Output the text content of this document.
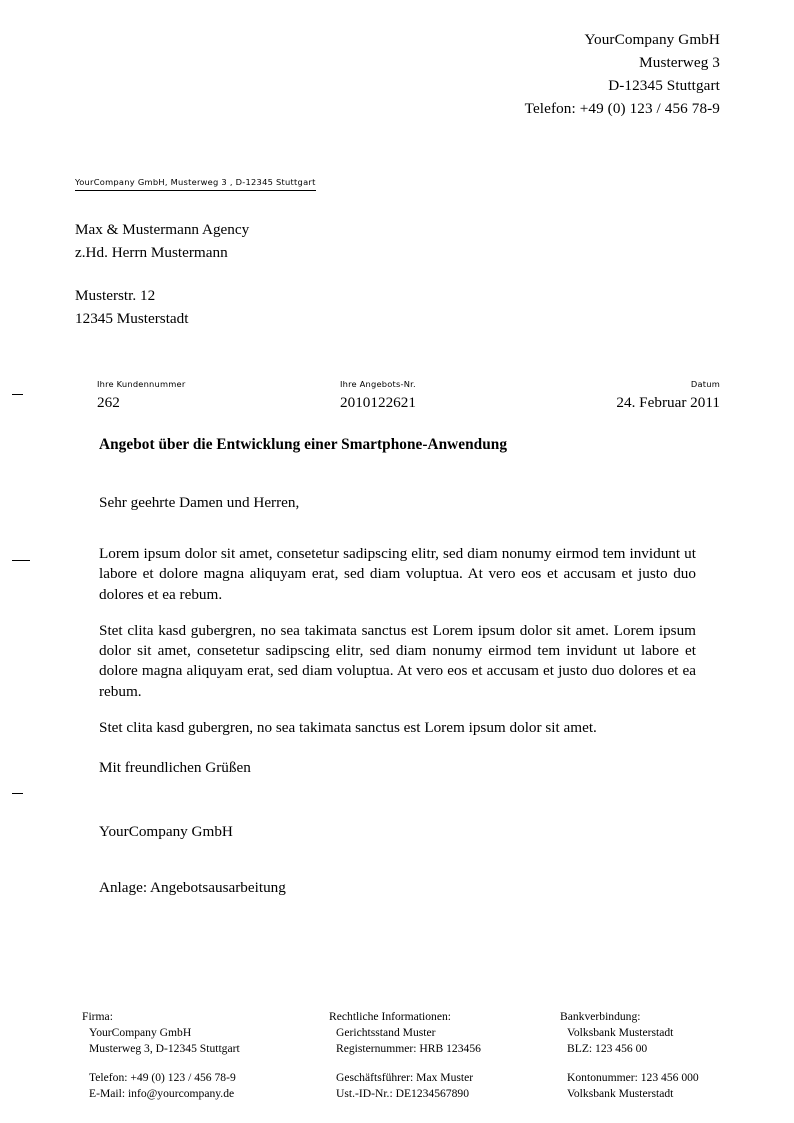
YourCompany GmbH
Musterweg 3
D-12345 Stuttgart
Telefon: +49 (0) 123 / 456 78-9
YourCompany GmbH, Musterweg 3 , D-12345 Stuttgart
Max & Mustermann Agency
z.Hd. Herrn Mustermann
Musterstr. 12
12345 Musterstadt
Ihre Kundennummer
262
Ihre Angebots-Nr.
2010122621
Datum
24. Februar 2011
Angebot über die Entwicklung einer Smartphone-Anwendung

Sehr geehrte Damen und Herren,

Lorem ipsum dolor sit amet, consetetur sadipscing elitr, sed diam nonumy eirmod tem invidunt ut labore et dolore magna aliquyam erat, sed diam voluptua. At vero eos et accusam et justo duo dolores et ea rebum.

Stet clita kasd gubergren, no sea takimata sanctus est Lorem ipsum dolor sit amet. Lorem ipsum dolor sit amet, consetetur sadipscing elitr, sed diam nonumy eirmod tem invidunt ut labore et dolore magna aliquyam erat, sed diam voluptua. At vero eos et accusam et justo duo dolores et ea rebum.

Stet clita kasd gubergren, no sea takimata sanctus est Lorem ipsum dolor sit amet.

Mit freundlichen Grüßen

YourCompany GmbH

Anlage: Angebotsausarbeitung

Firma:
YourCompany GmbH
Musterweg 3, D-12345 Stuttgart
Telefon: +49 (0) 123 / 456 78-9
E-Mail: info@yourcompany.de
Rechtliche Informationen:
Gerichtsstand Muster
Registernummer: HRB 123456
Geschäftsführer: Max Muster
Ust.-ID-Nr.: DE1234567890
Bankverbindung:
Volksbank Musterstadt
BLZ: 123 456 00
Kontonummer: 123 456 000
Volksbank Musterstadt
